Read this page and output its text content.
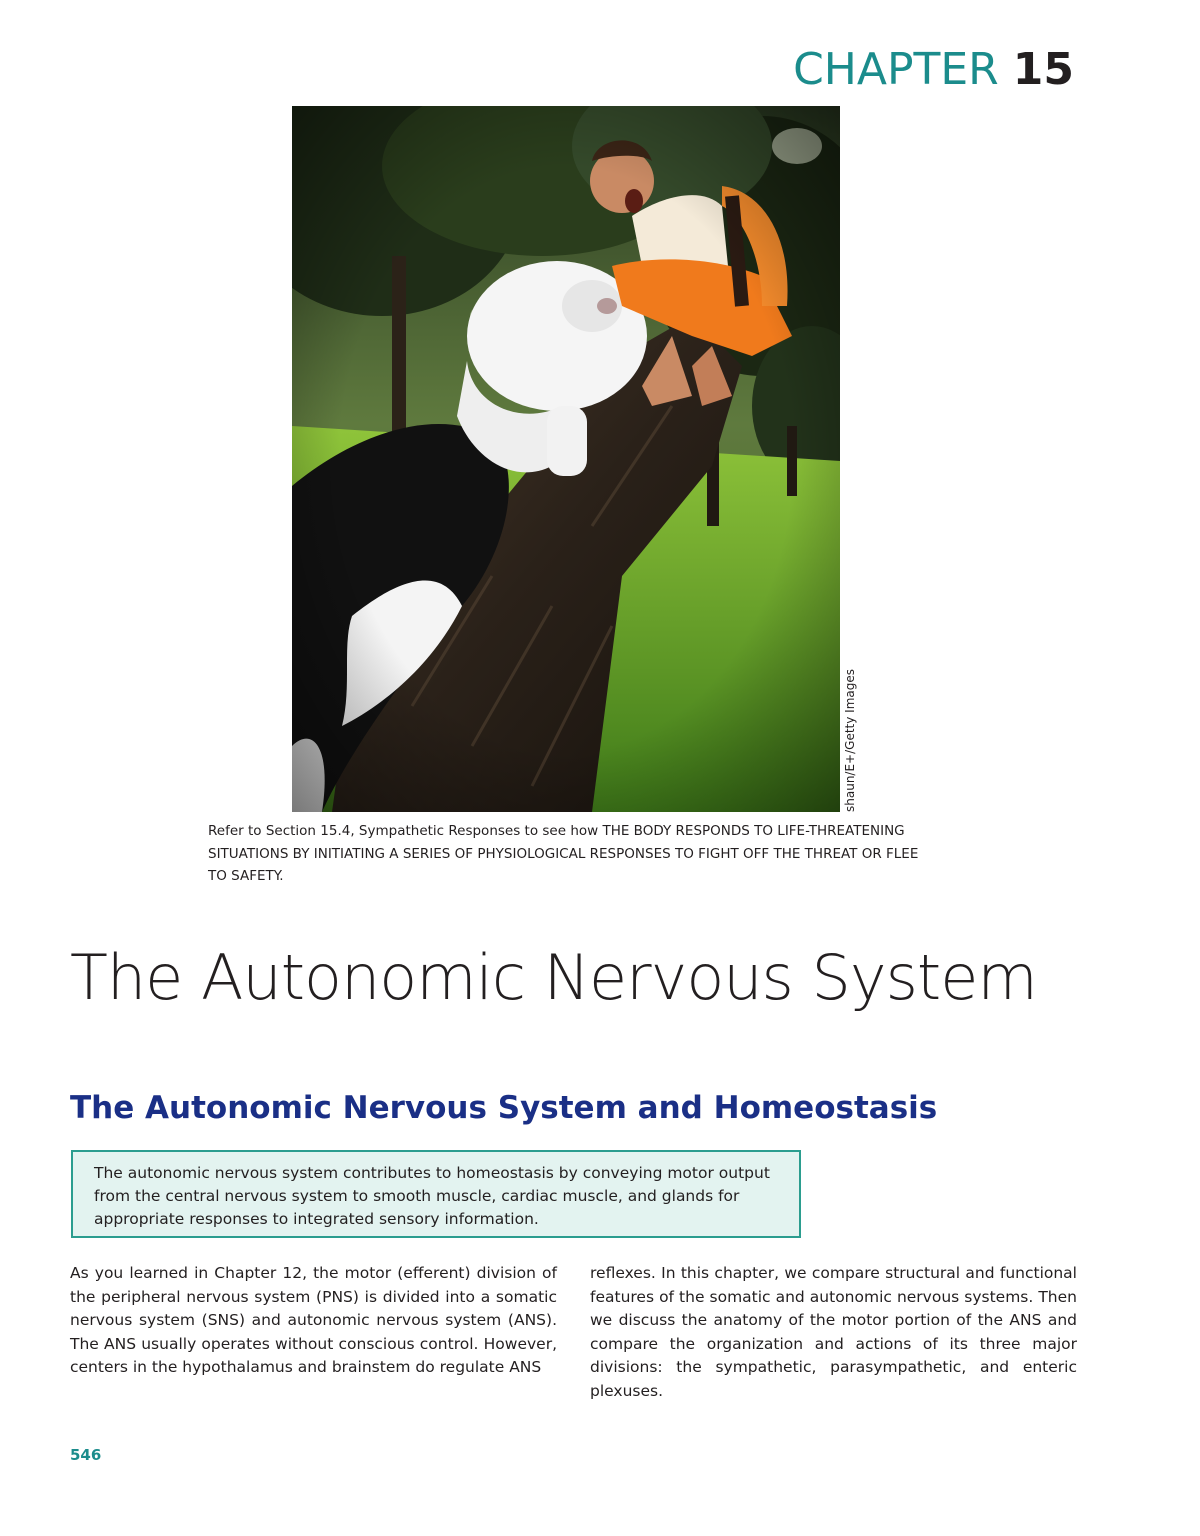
CHAPTER 15
shaun/E+/Getty Images
Refer to Section 15.4, Sympathetic Responses to see how THE BODY RESPONDS TO LIFE-THREATENING SITUATIONS BY INITIATING A SERIES OF PHYSIOLOGICAL RESPONSES TO FIGHT OFF THE THREAT OR FLEE TO SAFETY.
The Autonomic Nervous System
The Autonomic Nervous System and Homeostasis
The autonomic nervous system contributes to homeostasis by conveying motor output from the central nervous system to smooth muscle, cardiac muscle, and glands for appropriate responses to integrated sensory information.
As you learned in Chapter 12, the motor (efferent) division of the peripheral nervous system (PNS) is divided into a somatic nervous system (SNS) and autonomic nervous system (ANS). The ANS usually operates without conscious control. However, centers in the hypothalamus and brainstem do regulate ANS
reflexes. In this chapter, we compare structural and functional features of the somatic and autonomic nervous systems. Then we discuss the anatomy of the motor portion of the ANS and compare the organization and actions of its three major divisions: the sympathetic, parasympathetic, and enteric plexuses.
546
